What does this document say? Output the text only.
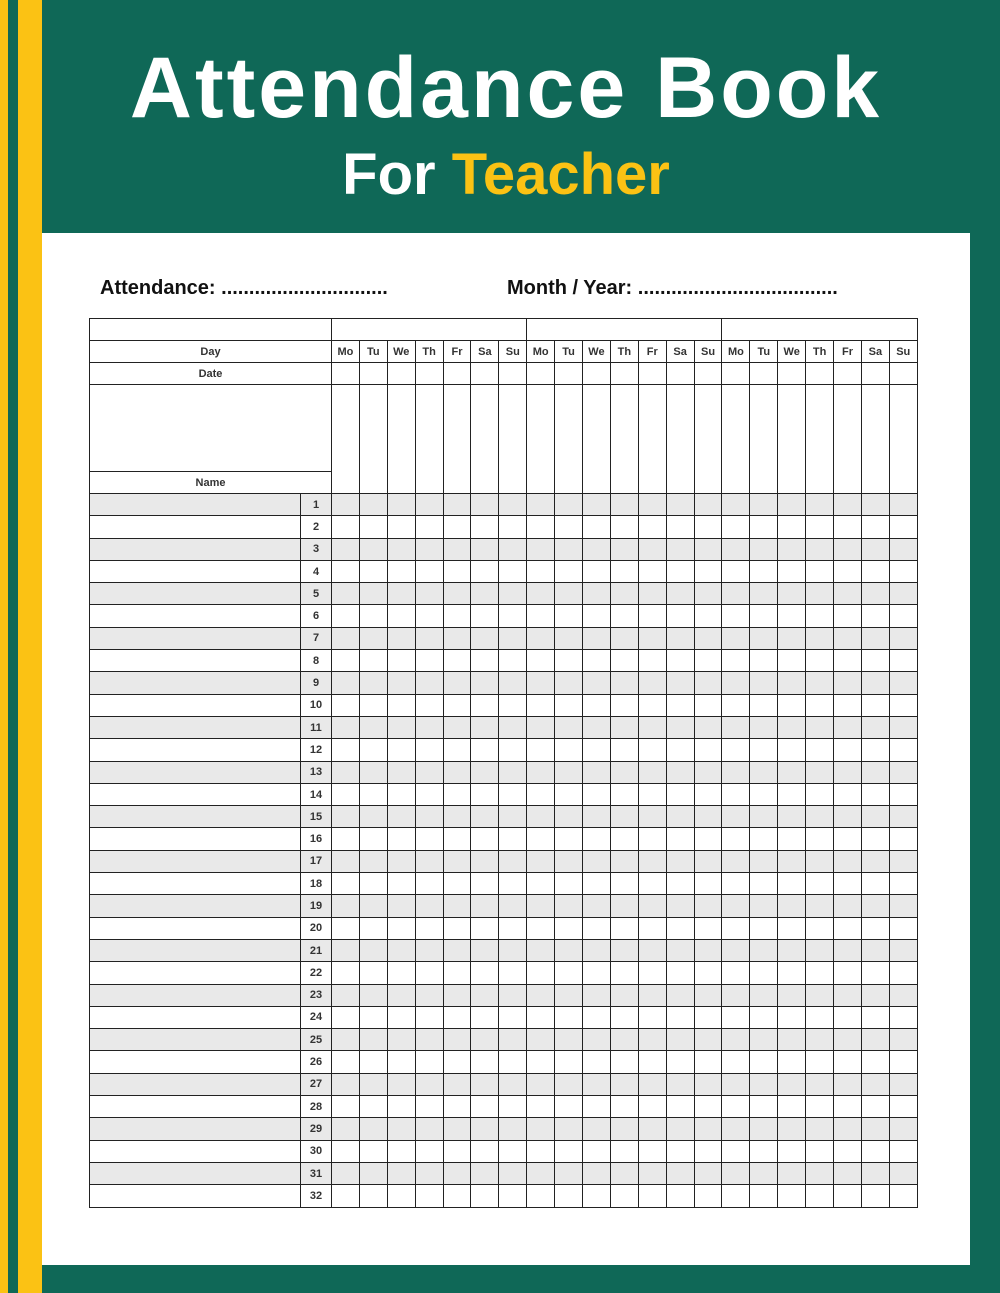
Attendance Book
For Teacher
Attendance: ..............................	Month / Year: ....................................

Day		Mo	Tu	We	Th	Fr	Sa	Su	Mo	Tu	We	Th	Fr	Sa	Su	Mo	Tu	We	Th	Fr	Sa	Su
Date																						

Name																						
	1																					
	2																					
	3																					
	4																					
	5																					
	6																					
	7																					
	8																					
	9																					
	10																					
	11																					
	12																					
	13																					
	14																					
	15																					
	16																					
	17																					
	18																					
	19																					
	20																					
	21																					
	22																					
	23																					
	24																					
	25																					
	26																					
	27																					
	28																					
	29																					
	30																					
	31																					
	32																					
